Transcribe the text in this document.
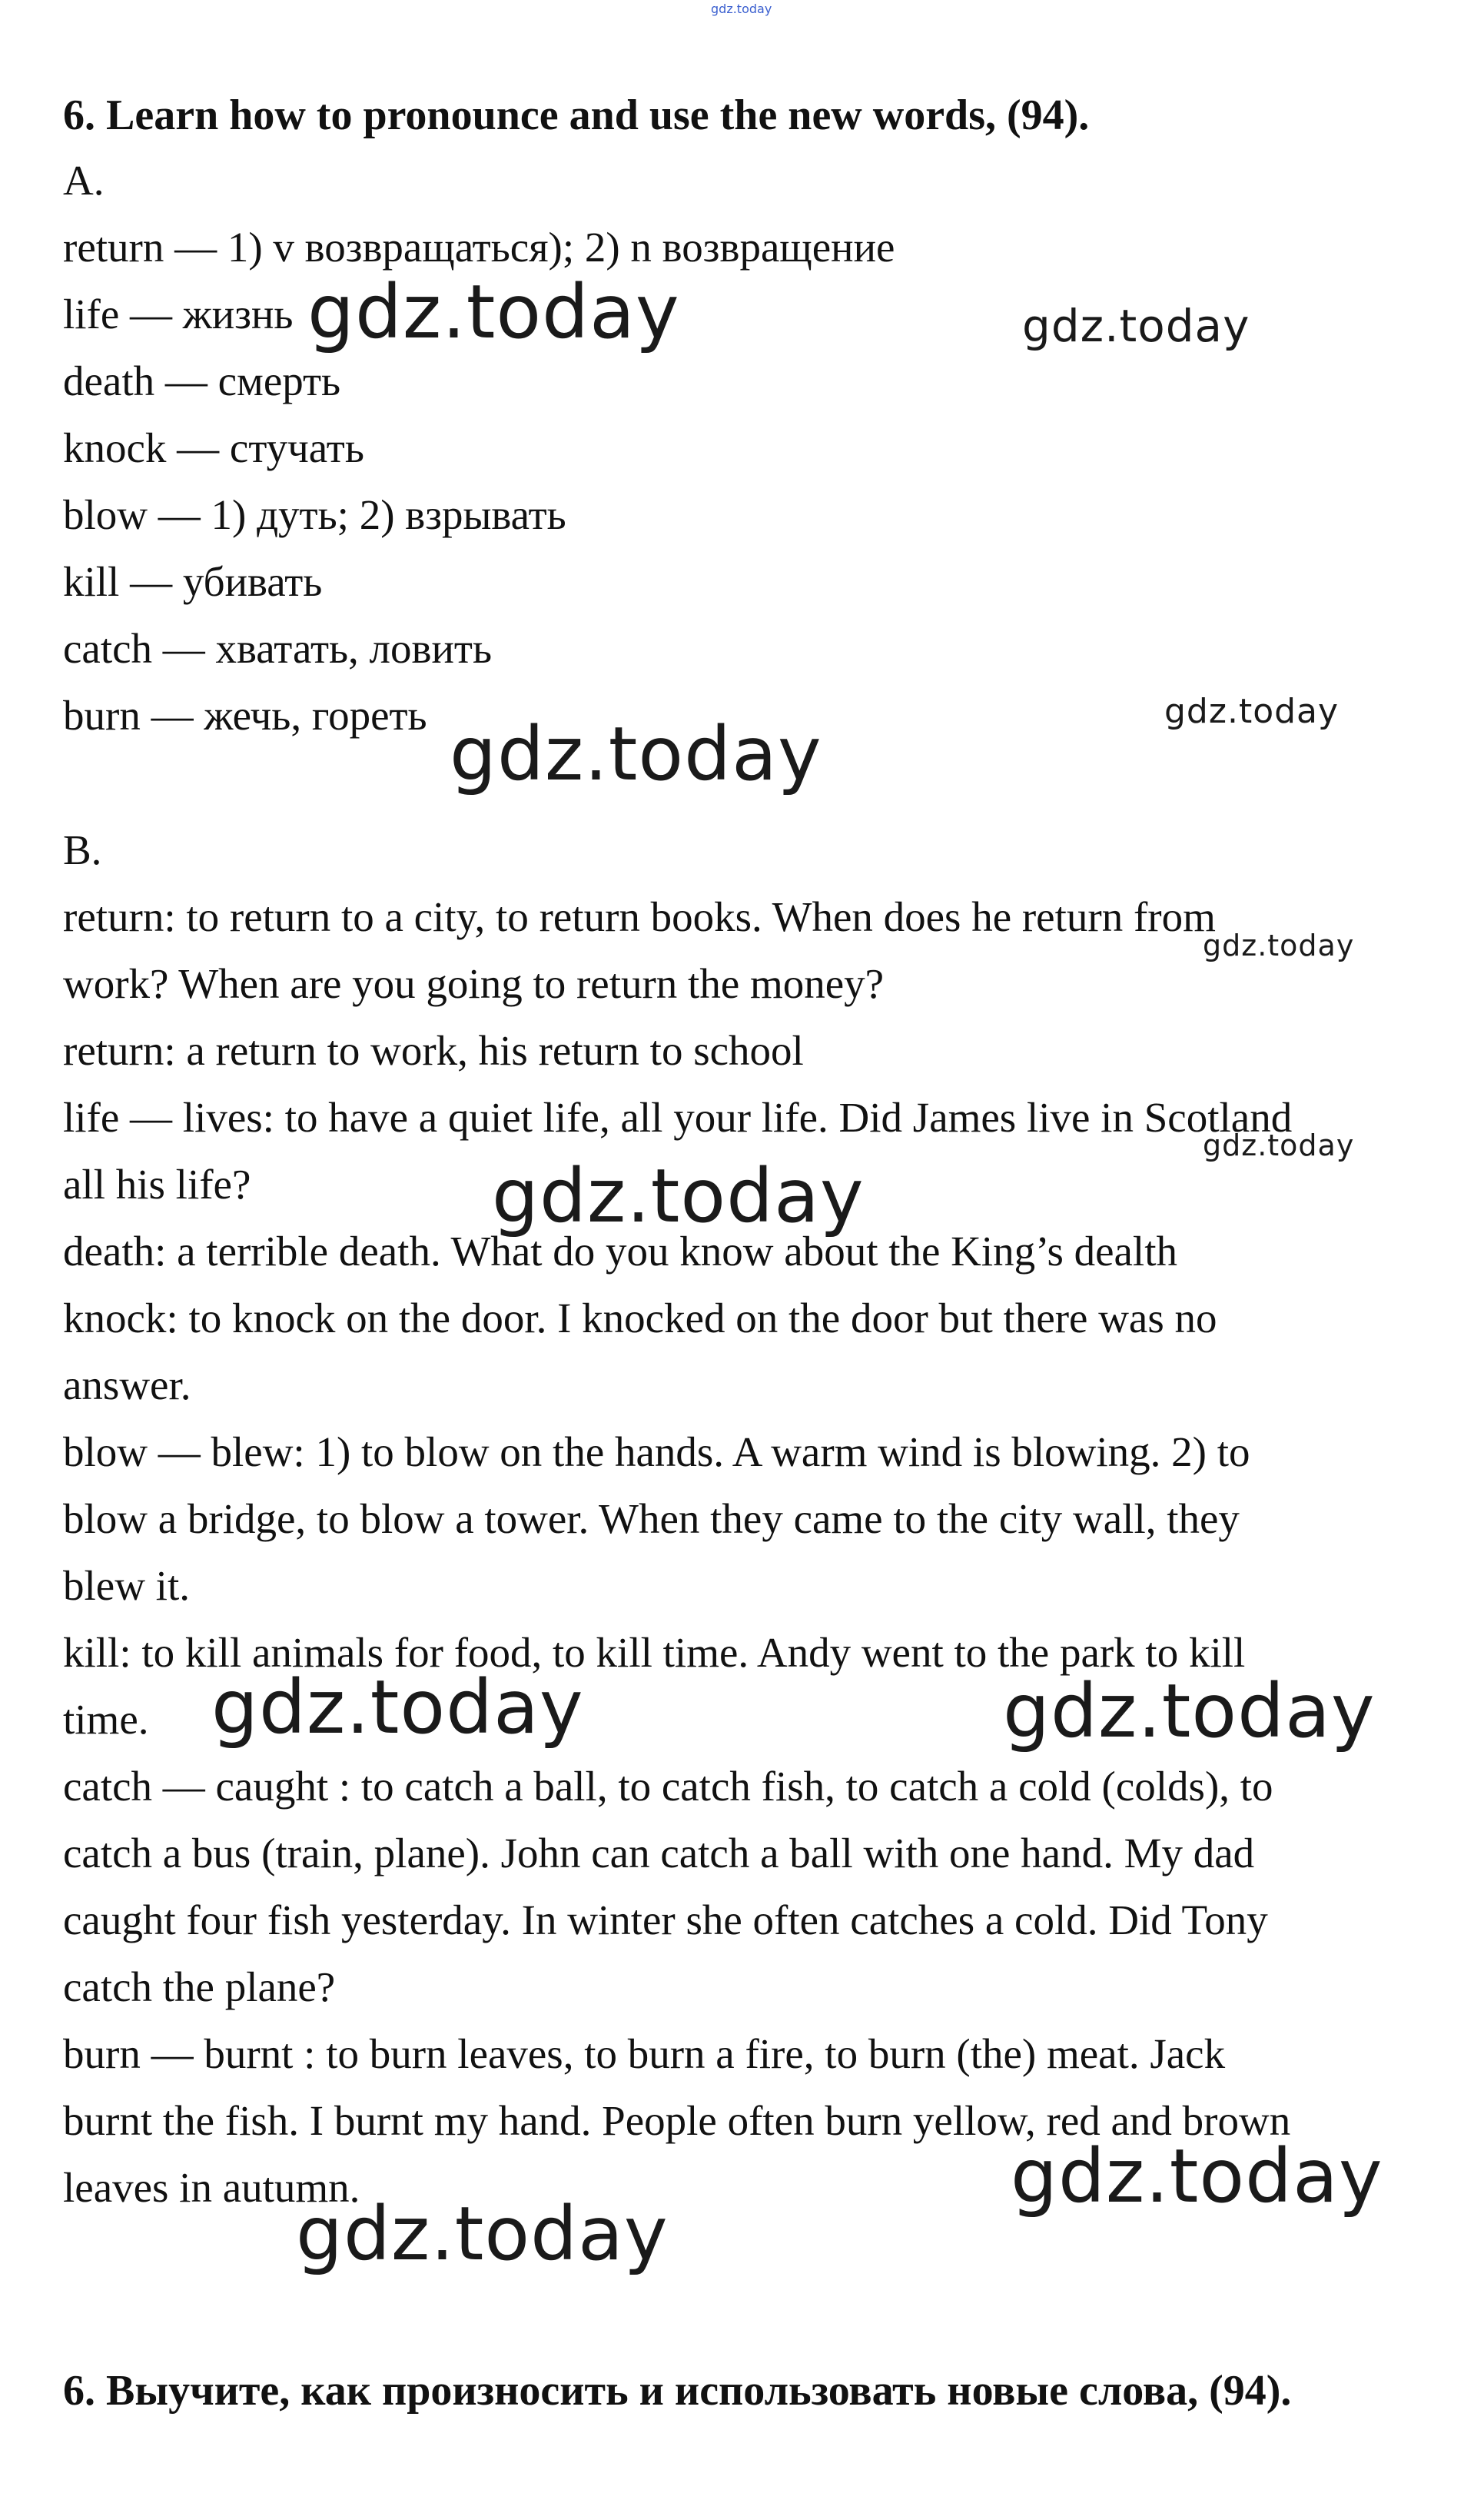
gdz.today
6. Learn how to pronounce and use the new words, (94).
A.
return — 1) v возвращаться); 2) n возвращение
life — жизнь
death — смерть
knock — стучать
blow — 1) дуть; 2) взрывать
kill — убивать
catch — хватать, ловить
burn — жечь, гореть
B.
return: to return to a city, to return books. When does he return from
work? When are you going to return the money?
return: a return to work, his return to school
life — lives: to have a quiet life, all your life. Did James live in Scotland
all his life?
death: a terrible death. What do you know about the King’s dealth
knock: to knock on the door. I knocked on the door but there was no
answer.
blow — blew: 1) to blow on the hands. A warm wind is blowing. 2) to
blow a bridge, to blow a tower. When they came to the city wall, they
blew it.
kill: to kill animals for food, to kill time. Andy went to the park to kill
time.
catch — caught : to catch a ball, to catch fish, to catch a cold (colds), to
catch a bus (train, plane). John can catch a ball with one hand. My dad
caught four fish yesterday. In winter she often catches a cold. Did Tony
catch the plane?
burn — burnt : to burn leaves, to burn a fire, to burn (the) meat. Jack
burnt the fish. I burnt my hand. People often burn yellow, red and brown
leaves in autumn.
6. Выучите, как произносить и использовать новые слова, (94).
gdz.today	gdz.today
gdz.today
gdz.today
gdz.today
gdz.today
gdz.today
gdz.today	gdz.today
gdz.today
gdz.today
